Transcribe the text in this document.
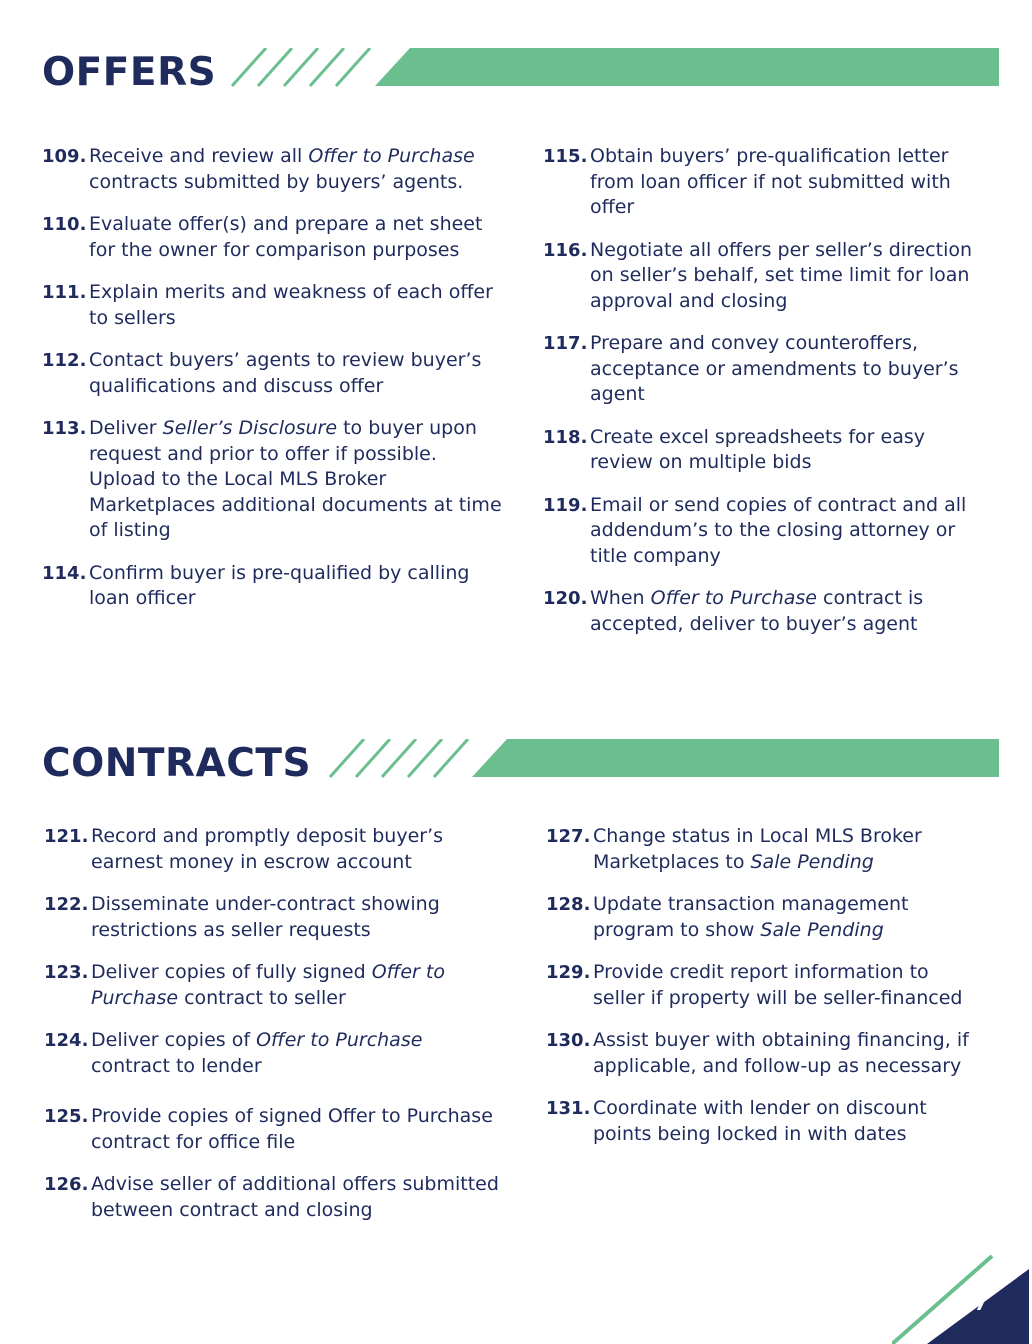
OFFERS
109. Receive and review all Offer to Purchase contracts submitted by buyers’ agents.
110. Evaluate offer(s) and prepare a net sheet for the owner for comparison purposes
111. Explain merits and weakness of each offer to sellers
112. Contact buyers’ agents to review buyer’s qualifications and discuss offer
113. Deliver Seller’s Disclosure to buyer upon request and prior to offer if possible. Upload to the Local MLS Broker Marketplaces additional documents at time of listing
114. Confirm buyer is pre-qualified by calling loan officer
115. Obtain buyers’ pre-qualification letter from loan officer if not submitted with offer
116. Negotiate all offers per seller’s direction on seller’s behalf, set time limit for loan approval and closing
117. Prepare and convey counteroffers, acceptance or amendments to buyer’s agent
118. Create excel spreadsheets for easy review on multiple bids
119. Email or send copies of contract and all addendum’s to the closing attorney or title company
120. When Offer to Purchase contract is accepted, deliver to buyer’s agent
CONTRACTS
121. Record and promptly deposit buyer’s earnest money in escrow account
122. Disseminate under-contract showing restrictions as seller requests
123. Deliver copies of fully signed Offer to Purchase contract to seller
124. Deliver copies of Offer to Purchase contract to lender
125. Provide copies of signed Offer to Purchase contract for office file
126. Advise seller of additional offers submitted between contract and closing
127. Change status in Local MLS Broker Marketplaces to Sale Pending
128. Update transaction management program to show Sale Pending
129. Provide credit report information to seller if property will be seller-financed
130. Assist buyer with obtaining financing, if applicable, and follow-up as necessary
131. Coordinate with lender on discount points being locked in with dates
7
